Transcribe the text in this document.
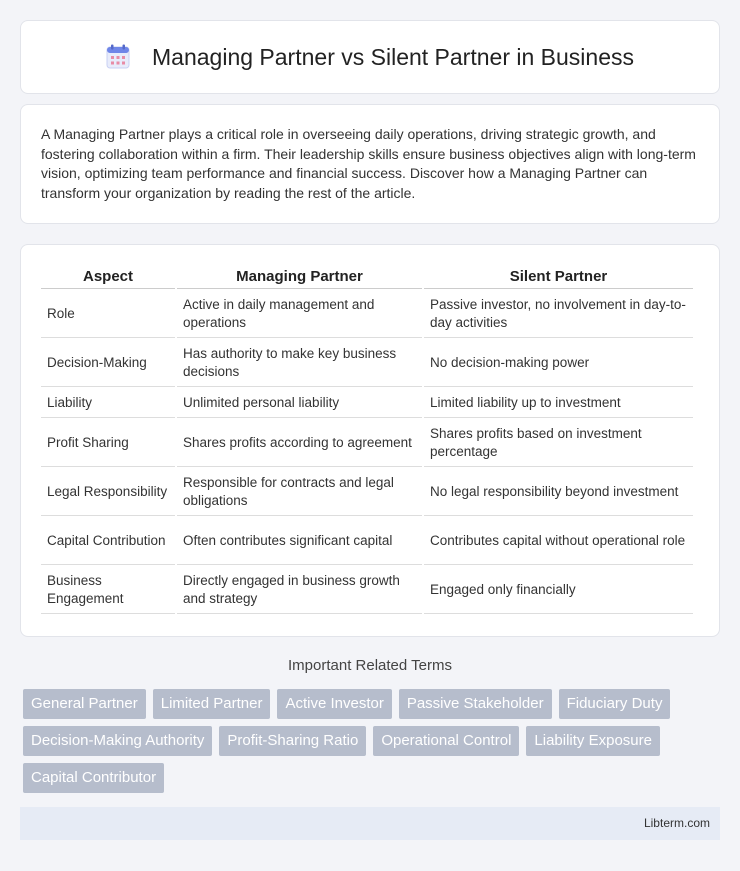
Managing Partner vs Silent Partner in Business

A Managing Partner plays a critical role in overseeing daily operations, driving strategic growth, and fostering collaboration within a firm. Their leadership skills ensure business objectives align with long-term vision, optimizing team performance and financial success. Discover how a Managing Partner can transform your organization by reading the rest of the article.

Aspect	Managing Partner	Silent Partner
Role	Active in daily management and operations	Passive investor, no involvement in day-to-day activities
Decision-Making	Has authority to make key business decisions	No decision-making power
Liability	Unlimited personal liability	Limited liability up to investment
Profit Sharing	Shares profits according to agreement	Shares profits based on investment percentage
Legal Responsibility	Responsible for contracts and legal obligations	No legal responsibility beyond investment
Capital Contribution	Often contributes significant capital	Contributes capital without operational role
Business Engagement	Directly engaged in business growth and strategy	Engaged only financially
Important Related Terms
General Partner	Limited Partner	Active Investor	Passive Stakeholder	Fiduciary Duty
Decision-Making Authority	Profit-Sharing Ratio	Operational Control	Liability Exposure
Capital Contributor
Libterm.com
